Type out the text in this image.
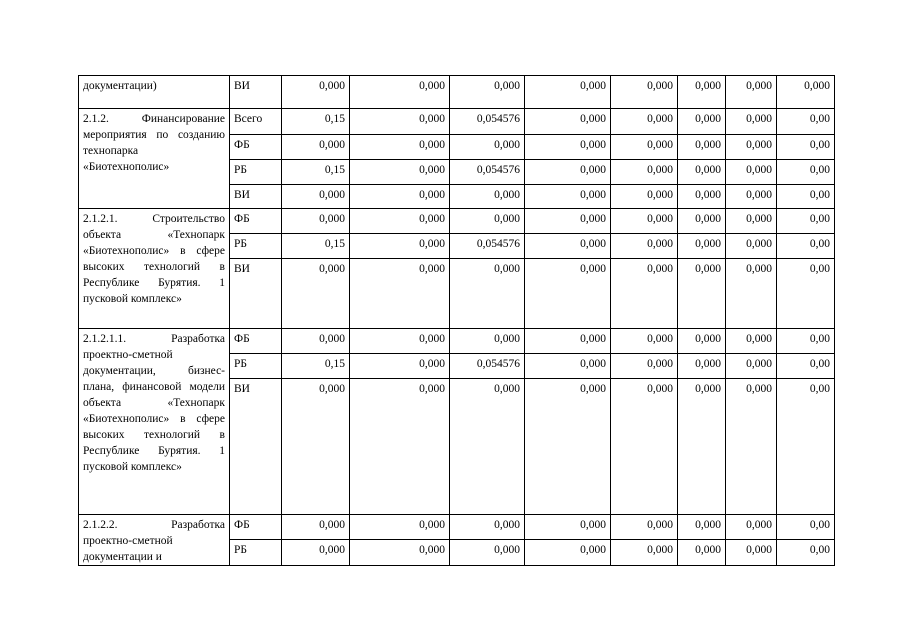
документации)	ВИ	0,000	0,000	0,000	0,000	0,000	0,000	0,000	0,000
2.1.2. Финансирование мероприятия по созданию технопарка «Биотехнополис»	Всего	0,15	0,000	0,054576	0,000	0,000	0,000	0,000	0,00
	ФБ	0,000	0,000	0,000	0,000	0,000	0,000	0,000	0,00
	РБ	0,15	0,000	0,054576	0,000	0,000	0,000	0,000	0,00
	ВИ	0,000	0,000	0,000	0,000	0,000	0,000	0,000	0,00
2.1.2.1. Строительство объекта «Технопарк «Биотехнополис» в сфере высоких технологий в Республике Бурятия. 1 пусковой комплекс»	ФБ	0,000	0,000	0,000	0,000	0,000	0,000	0,000	0,00
	РБ	0,15	0,000	0,054576	0,000	0,000	0,000	0,000	0,00
	ВИ	0,000	0,000	0,000	0,000	0,000	0,000	0,000	0,00
2.1.2.1.1. Разработка проектно-сметной документации, бизнес-плана, финансовой модели объекта «Технопарк «Биотехнополис» в сфере высоких технологий в Республике Бурятия. 1 пусковой комплекс»	ФБ	0,000	0,000	0,000	0,000	0,000	0,000	0,000	0,00
	РБ	0,15	0,000	0,054576	0,000	0,000	0,000	0,000	0,00
	ВИ	0,000	0,000	0,000	0,000	0,000	0,000	0,000	0,00
2.1.2.2. Разработка проектно-сметной документации и	ФБ	0,000	0,000	0,000	0,000	0,000	0,000	0,000	0,00
	РБ	0,000	0,000	0,000	0,000	0,000	0,000	0,000	0,00
